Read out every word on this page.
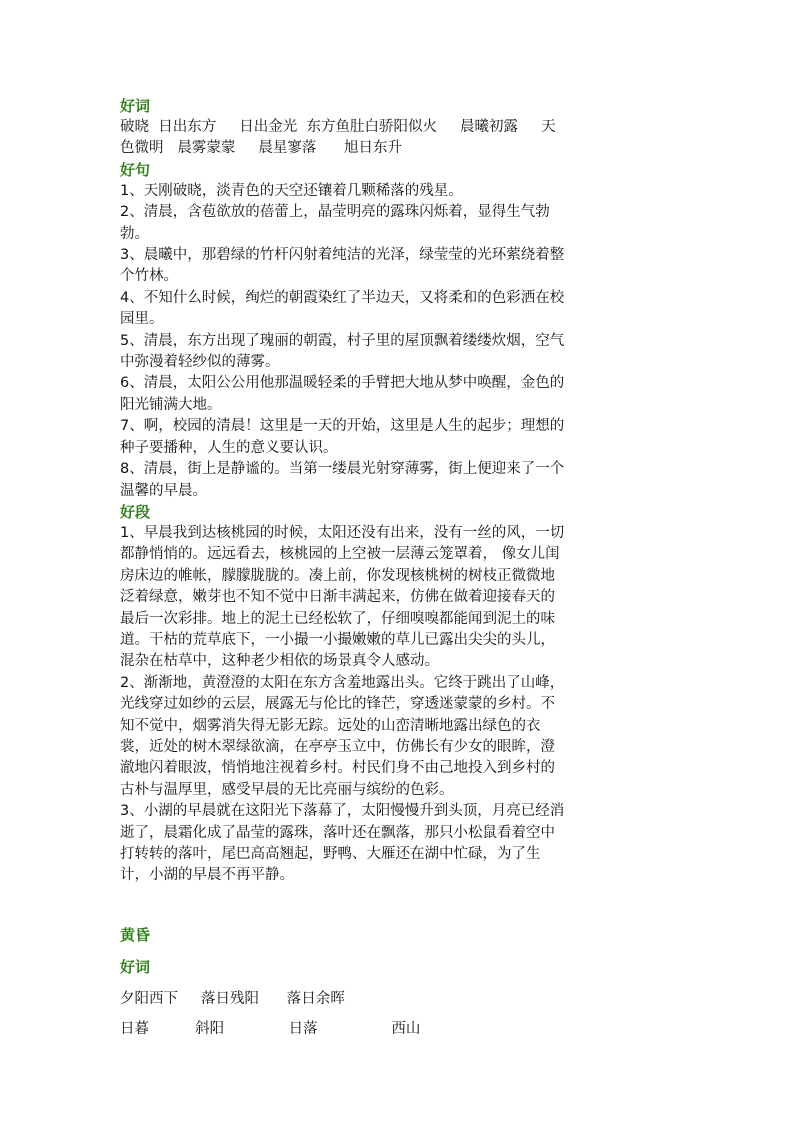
好词
破晓  日出东方     日出金光  东方鱼肚白骄阳似火     晨曦初露     天
色微明   晨雾蒙蒙     晨星寥落      旭日东升
好句
1、天刚破晓，淡青色的天空还镶着几颗稀落的残星。
2、清晨，含苞欲放的蓓蕾上，晶莹明亮的露珠闪烁着，显得生气勃
勃。
3、晨曦中，那碧绿的竹杆闪射着纯洁的光泽，绿莹莹的光环萦绕着整
个竹林。
4、不知什么时候，绚烂的朝霞染红了半边天，又将柔和的色彩洒在校
园里。
5、清晨，东方出现了瑰丽的朝霞，村子里的屋顶飘着缕缕炊烟，空气
中弥漫着轻纱似的薄雾。
6、清晨，太阳公公用他那温暖轻柔的手臂把大地从梦中唤醒，金色的
阳光铺满大地。
7、啊，校园的清晨！这里是一天的开始，这里是人生的起步；理想的
种子要播种，人生的意义要认识。
8、清晨，街上是静谧的。当第一缕晨光射穿薄雾，街上便迎来了一个
温馨的早晨。
好段
1、早晨我到达核桃园的时候，太阳还没有出来，没有一丝的风，一切
都静悄悄的。远远看去，核桃园的上空被一层薄云笼罩着， 像女儿闺
房床边的帷帐，朦朦胧胧的。凑上前，你发现核桃树的树枝正微微地
泛着绿意，嫩芽也不知不觉中日渐丰满起来，仿佛在做着迎接春天的
最后一次彩排。地上的泥土已经松软了，仔细嗅嗅都能闻到泥土的味
道。干枯的荒草底下，一小撮一小撮嫩嫩的草儿已露出尖尖的头儿，
混杂在枯草中，这种老少相依的场景真令人感动。
2、渐渐地，黄澄澄的太阳在东方含羞地露出头。它终于跳出了山峰，
光线穿过如纱的云层，展露无与伦比的锋芒，穿透迷蒙蒙的乡村。不
知不觉中，烟雾消失得无影无踪。远处的山峦清晰地露出绿色的衣
裳，近处的树木翠绿欲滴，在亭亭玉立中，仿佛长有少女的眼眸，澄
澈地闪着眼波，悄悄地注视着乡村。村民们身不由己地投入到乡村的
古朴与温厚里，感受早晨的无比亮丽与缤纷的色彩。
3、小湖的早晨就在这阳光下落幕了，太阳慢慢升到头顶，月亮已经消
逝了，晨霜化成了晶莹的露珠，落叶还在飘落，那只小松鼠看着空中
打转转的落叶，尾巴高高翘起，野鸭、大雁还在湖中忙碌，为了生
计，小湖的早晨不再平静。
黄昏
好词
夕阳西下     落日残阳      落日余晖
日暮          斜阳              日落                西山
